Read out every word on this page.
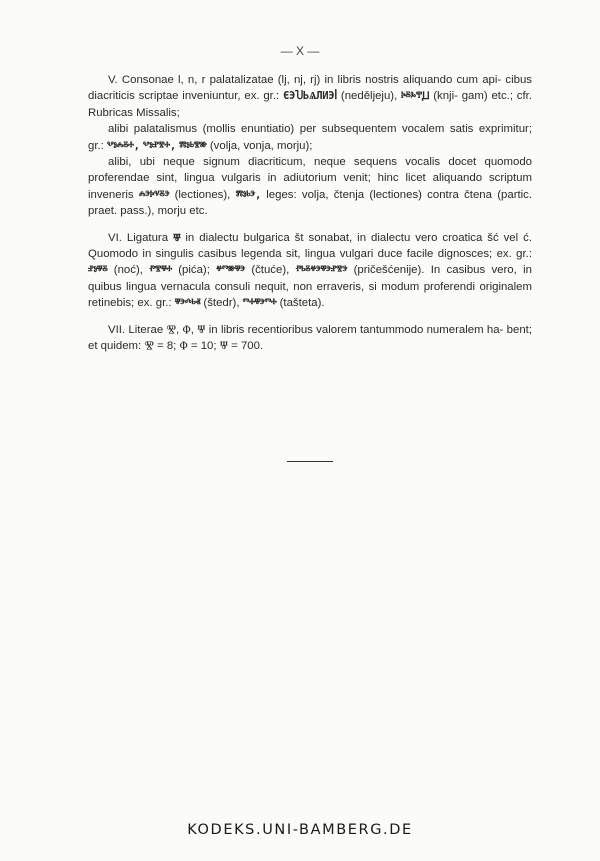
— X —

V. Consonae l, n, r palatalizatae (lj, nj, rj) in libris nostris aliquando cum api- cibus diacriticis scriptae inveniuntur, ex. gr.: ЄЭႮЬѦЛИЭꟾ (nedělјeju), ⰽⰻⰳⰹꙠ (knji- gam) etc.; cfr. Rubricas Missalis;

alibi palatalismus (mollis enuntiatio) per subsequentem vocalem satis exprimitur; gr.: ⰲⱁⰾⰻⰰ, ⰲⱁⱀⰺⰰ, ⰿⱁⱃⰺⱆ (volja, vonja, morju);

alibi, ubi neque signum diacriticum, neque sequens vocalis docet quomodo proferendae sint, lingua vulgaris in adiutorium venit; hinc licet aliquando scriptum inveneris ⰾⰵⰽⱌⰻⰵ (lectiones), ⰿⱁⱃⰵ, leges: volja, čtenja (lectiones) contra čtena (partic. praet. pass.), morju etc.

VI. Ligatura Ⱋ in dialectu bulgarica št sonabat, in dialectu vero croatica šć vel ć. Quomodo in singulis casibus legenda sit, lingua vulgari duce facile dignosces; ex. gr.: ⱀⱁⱋⰻ (noć), ⱂⰺⱋⰰ (pića); ⱍⱅⱆⱋⰵ (čtuće), ⱂⱃⰻⱍⰵⱋⰵⱀⰺⰵ (pričešćenije). In casibus vero, in quibus lingua vernacula consuli nequit, non erraveris, si modum proferendi originalem retinebis; ex. gr.: ⱋⰵⰴⱃⱏ (štedr), ⱅⰰⱋⰵⱅⰰ (tašteta).

VII. Literae Ⰺ, Ⱇ, Ⱋ in libris recentioribus valorem tantummodo numeralem ha- bent; et quidem: Ⰺ = 8; Ⱇ = 10; Ⱋ = 700.

KODEKS.UNI-BAMBERG.DE
